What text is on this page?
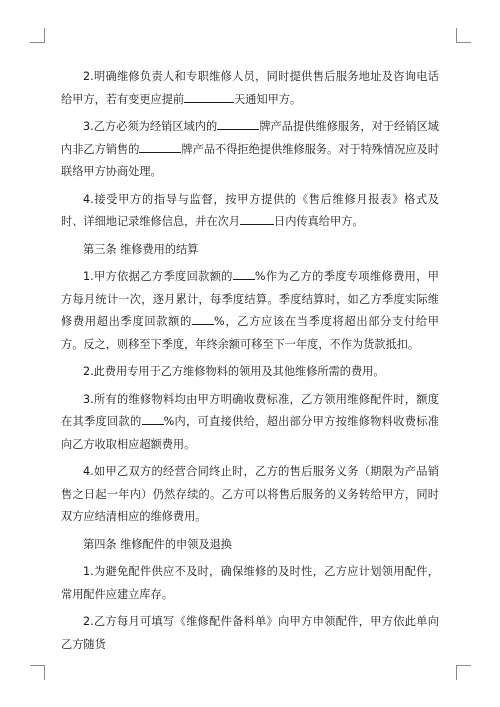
2.明确维修负责人和专职维修人员，同时提供售后服务地址及咨询电话给甲方，若有变更应提前	天通知甲方。

3.乙方必须为经销区域内的	牌产品提供维修服务，对于经销区域内非乙方销售的	牌产品不得拒绝提供维修服务。对于特殊情况应及时联络甲方协商处理。

4.接受甲方的指导与监督，按甲方提供的《售后维修月报表》格式及时、详细地记录维修信息，并在次月	日内传真给甲方。

第三条 维修费用的结算

1.甲方依据乙方季度回款额的 %作为乙方的季度专项维修费用，甲方每月统计一次，逐月累计，每季度结算。季度结算时，如乙方季度实际维修费用超出季度回款额的 %，乙方应该在当季度将超出部分支付给甲方。反之，则移至下季度，年终余额可移至下一年度，不作为货款抵扣。

2.此费用专用于乙方维修物料的领用及其他维修所需的费用。

3.所有的维修物料均由甲方明确收费标准，乙方领用维修配件时，额度在其季度回款的 %内，可直接供给，超出部分甲方按维修物料收费标准向乙方收取相应超额费用。

4.如甲乙双方的经营合同终止时，乙方的售后服务义务（期限为产品销售之日起一年内）仍然存续的。乙方可以将售后服务的义务转给甲方，同时双方应结清相应的维修费用。

第四条 维修配件的申领及退换

1.为避免配件供应不及时，确保维修的及时性，乙方应计划领用配件，常用配件应建立库存。

2.乙方每月可填写《维修配件备料单》向甲方申领配件，甲方依此单向乙方随货
